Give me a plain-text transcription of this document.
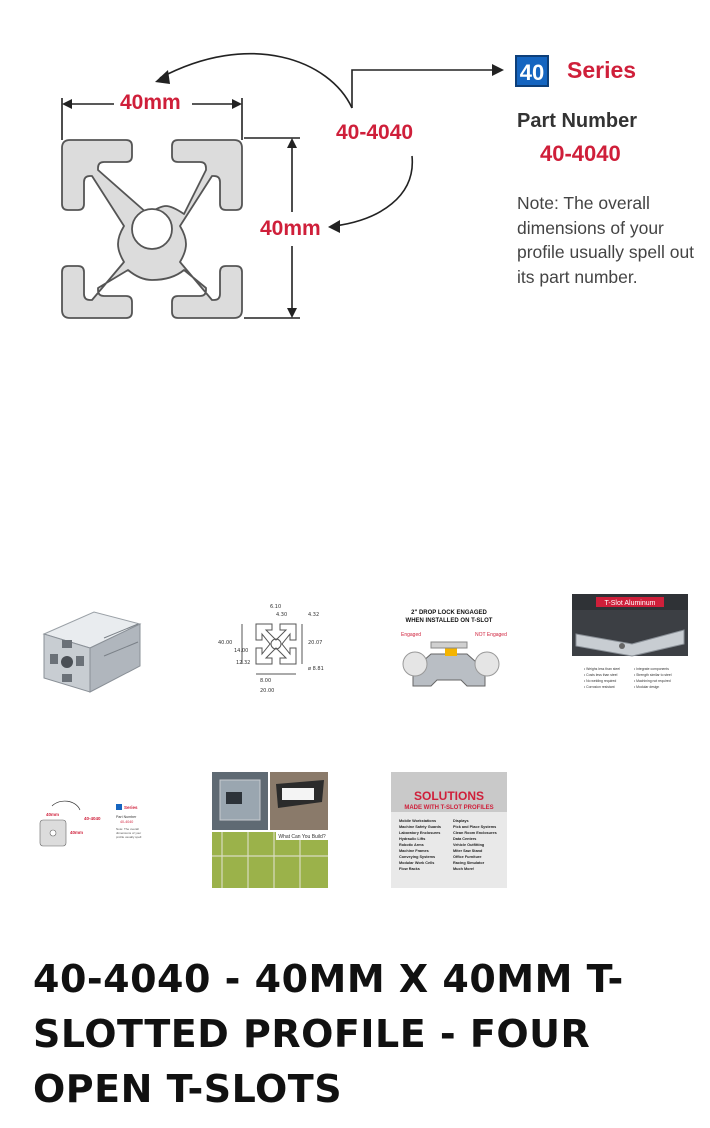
40mm
40-4040
40mm
40 Series
Part Number
40-4040
Note: The overall dimensions of your profile usually spell out its part number.
6.10
4.30	4.32
40.00
14.00
20.07
12.32
ø 8.81
8.00
20.00
2" DROP LOCK ENGAGED
WHEN INSTALLED ON T-SLOT
Engaged	NOT Engaged
T-Slot Aluminum
• Weighs less than steel	• Integrate components
• Costs less than steel	• Strength similar to steel
• No welding required	• Machining not required
• Corrosion resistant	• Modular design
40mm
40-4040
40mm
Series
Part Number
40-4040
Note: The overall
dimensions of your
profile usually spell	What Can You Build?
SOLUTIONS
MADE WITH T-SLOT PROFILES
Mobile Workstations	Displays
Machine Safety Guards	Pick and Place Systems
Laboratory Enclosures	Clean Room Enclosures
Hydraulic Lifts	Data Centers
Robotic Arms	Vehicle Outfitting
Machine Frames	Miter Saw Stand
Conveying Systems	Office Furniture
Modular Work Cells	Racing Simulator
Flow Racks	Much More!
40-4040 - 40MM X 40MM T-SLOTTED PROFILE - FOUR OPEN T-SLOTS
